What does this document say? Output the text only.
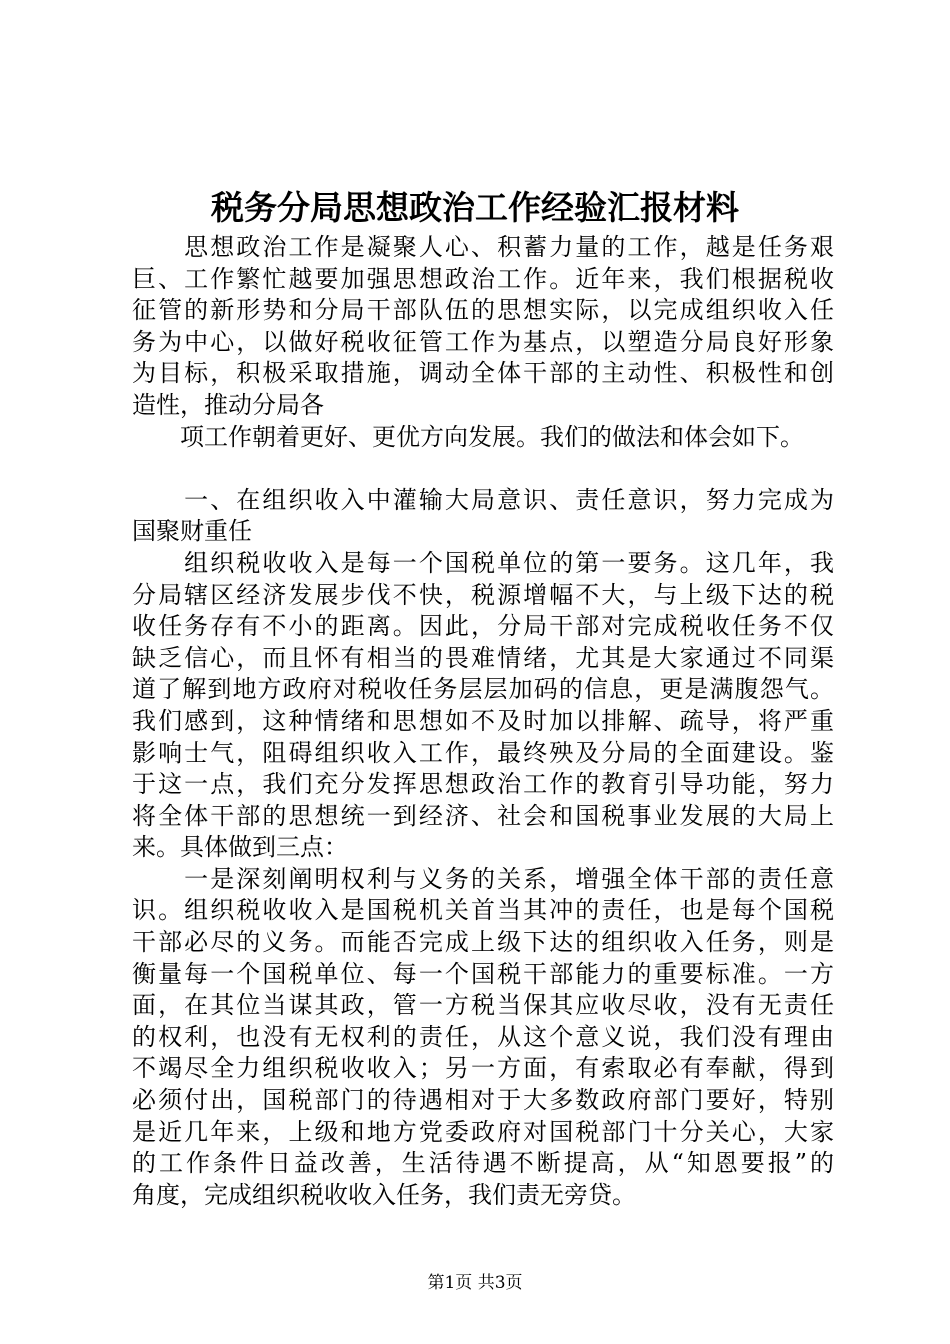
税务分局思想政治工作经验汇报材料
　　思想政治工作是凝聚人心、积蓄力量的工作，越是任务艰
巨、工作繁忙越要加强思想政治工作。近年来，我们根据税收
征管的新形势和分局干部队伍的思想实际，以完成组织收入任
务为中心，以做好税收征管工作为基点，以塑造分局良好形象
为目标，积极采取措施，调动全体干部的主动性、积极性和创
造性，推动分局各
　　项工作朝着更好、更优方向发展。我们的做法和体会如下。
　　一、在组织收入中灌输大局意识、责任意识，努力完成为
国聚财重任
　　组织税收收入是每一个国税单位的第一要务。这几年，我
分局辖区经济发展步伐不快，税源增幅不大，与上级下达的税
收任务存有不小的距离。因此，分局干部对完成税收任务不仅
缺乏信心，而且怀有相当的畏难情绪，尤其是大家通过不同渠
道了解到地方政府对税收任务层层加码的信息，更是满腹怨气。
我们感到，这种情绪和思想如不及时加以排解、疏导，将严重
影响士气，阻碍组织收入工作，最终殃及分局的全面建设。鉴
于这一点，我们充分发挥思想政治工作的教育引导功能，努力
将全体干部的思想统一到经济、社会和国税事业发展的大局上
来。具体做到三点：
　　一是深刻阐明权利与义务的关系，增强全体干部的责任意
识。组织税收收入是国税机关首当其冲的责任，也是每个国税
干部必尽的义务。而能否完成上级下达的组织收入任务，则是
衡量每一个国税单位、每一个国税干部能力的重要标准。一方
面，在其位当谋其政，管一方税当保其应收尽收，没有无责任
的权利，也没有无权利的责任，从这个意义说，我们没有理由
不竭尽全力组织税收收入；另一方面，有索取必有奉献，得到
必须付出，国税部门的待遇相对于大多数政府部门要好，特别
是近几年来，上级和地方党委政府对国税部门十分关心，大家
的工作条件日益改善，生活待遇不断提高，从“知恩要报”的
角度，完成组织税收收入任务，我们责无旁贷。
第1页 共3页
